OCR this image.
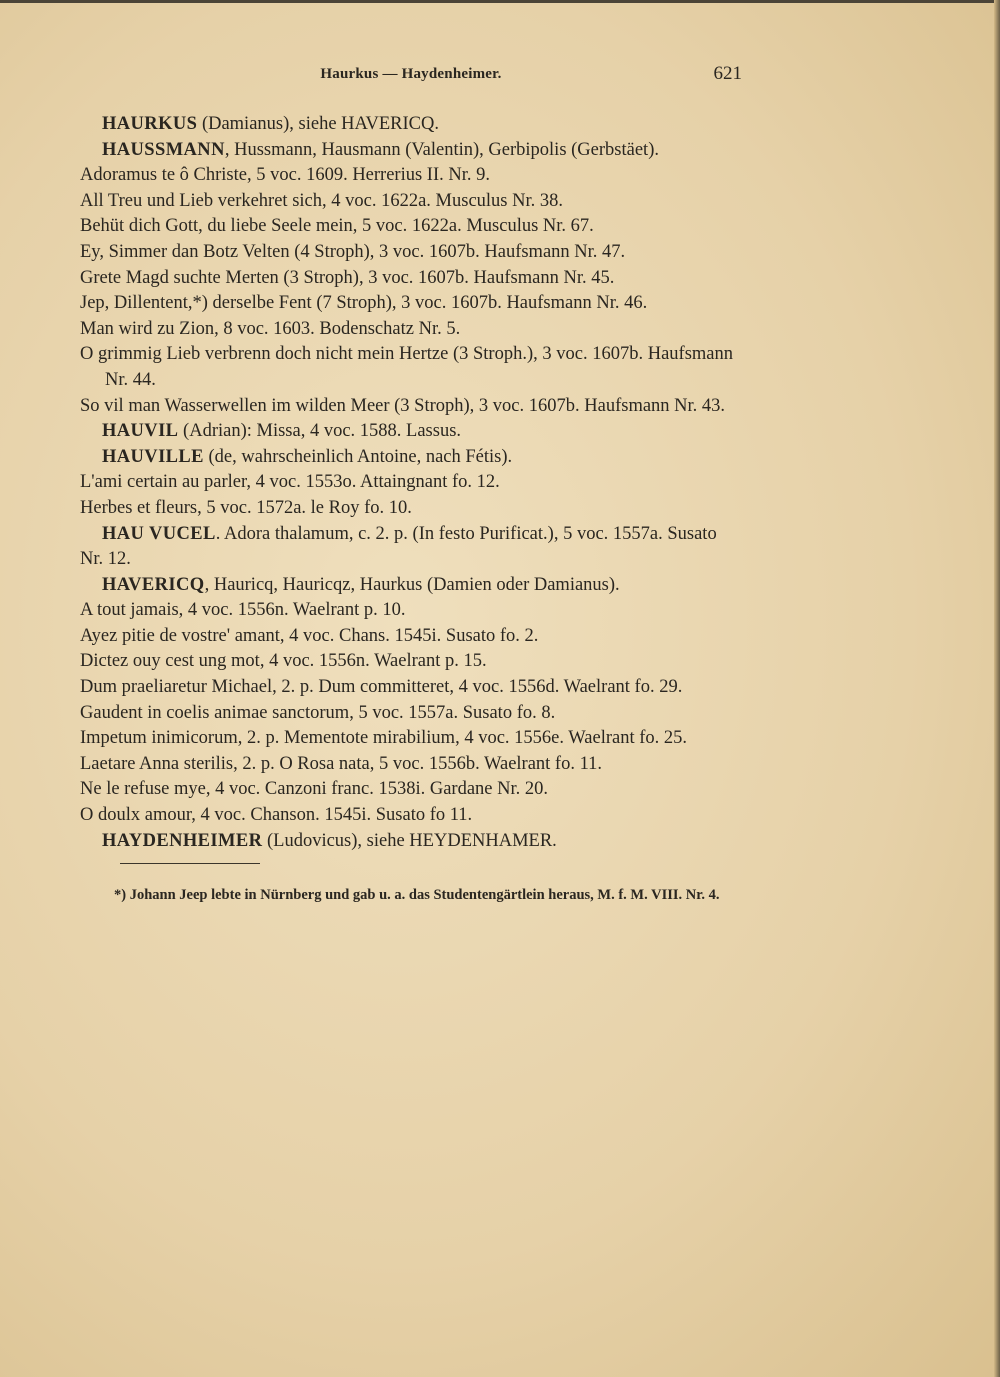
Haurkus — Haydenheimer.	621

HAURKUS (Damianus), siehe HAVERICQ.

HAUSSMANN, Hussmann, Hausmann (Valentin), Gerbipolis (Gerbstäet).

Adoramus te ô Christe, 5 voc. 1609. Herrerius II. Nr. 9.

All Treu und Lieb verkehret sich, 4 voc. 1622a. Musculus Nr. 38.

Behüt dich Gott, du liebe Seele mein, 5 voc. 1622a. Musculus Nr. 67.

Ey, Simmer dan Botz Velten (4 Stroph), 3 voc. 1607b. Haufsmann Nr. 47.

Grete Magd suchte Merten (3 Stroph), 3 voc. 1607b. Haufsmann Nr. 45.

Jep, Dillentent,*) derselbe Fent (7 Stroph), 3 voc. 1607b. Haufsmann Nr. 46.

Man wird zu Zion, 8 voc. 1603. Bodenschatz Nr. 5.

O grimmig Lieb verbrenn doch nicht mein Hertze (3 Stroph.), 3 voc. 1607b. Haufsmann Nr. 44.

So vil man Wasserwellen im wilden Meer (3 Stroph), 3 voc. 1607b. Haufsmann Nr. 43.

HAUVIL (Adrian): Missa, 4 voc. 1588. Lassus.

HAUVILLE (de, wahrscheinlich Antoine, nach Fétis).

L'ami certain au parler, 4 voc. 1553o. Attaingnant fo. 12.

Herbes et fleurs, 5 voc. 1572a. le Roy fo. 10.

HAU VUCEL. Adora thalamum, c. 2. p. (In festo Purificat.), 5 voc. 1557a. Susato Nr. 12.

HAVERICQ, Hauricq, Hauricqz, Haurkus (Damien oder Damianus).

A tout jamais, 4 voc. 1556n. Waelrant p. 10.

Ayez pitie de vostre' amant, 4 voc. Chans. 1545i. Susato fo. 2.

Dictez ouy cest ung mot, 4 voc. 1556n. Waelrant p. 15.

Dum praeliaretur Michael, 2. p. Dum committeret, 4 voc. 1556d. Waelrant fo. 29.

Gaudent in coelis animae sanctorum, 5 voc. 1557a. Susato fo. 8.

Impetum inimicorum, 2. p. Mementote mirabilium, 4 voc. 1556e. Waelrant fo. 25.

Laetare Anna sterilis, 2. p. O Rosa nata, 5 voc. 1556b. Waelrant fo. 11.

Ne le refuse mye, 4 voc. Canzoni franc. 1538i. Gardane Nr. 20.

O doulx amour, 4 voc. Chanson. 1545i. Susato fo 11.

HAYDENHEIMER (Ludovicus), siehe HEYDENHAMER.

*) Johann Jeep lebte in Nürnberg und gab u. a. das Studentengärtlein heraus, M. f. M. VIII. Nr. 4.
